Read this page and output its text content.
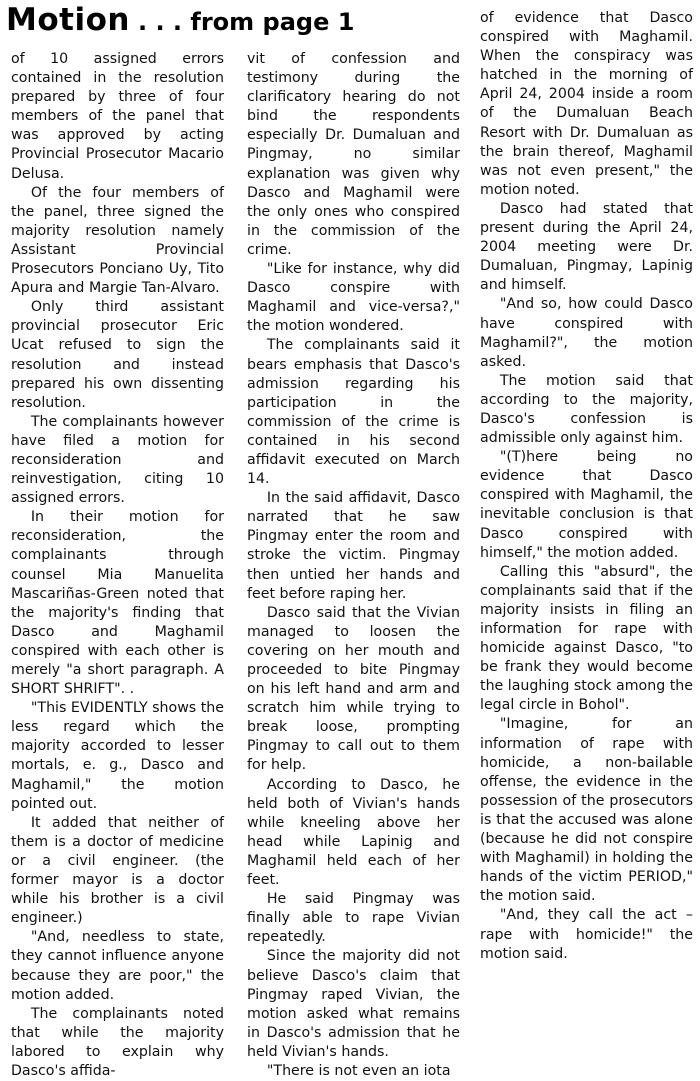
Motion . . . from page 1

of 10 assigned errors contained in the resolution prepared by three of four members of the panel that was approved by acting Provincial Prosecutor Macario Delusa.

Of the four members of the panel, three signed the majority resolution namely Assistant Provincial Prosecutors Ponciano Uy, Tito Apura and Margie Tan-Alvaro.

Only third assistant provincial prosecutor Eric Ucat refused to sign the resolution and instead prepared his own dissenting resolution.

The complainants however have filed a motion for reconsideration and reinvestigation, citing 10 assigned errors.

In their motion for reconsideration, the complainants through counsel Mia Manuelita Mascariñas-Green noted that the majority's finding that Dasco and Maghamil conspired with each other is merely "a short paragraph. A SHORT SHRIFT". .

"This EVIDENTLY shows the less regard which the majority accorded to lesser mortals, e. g., Dasco and Maghamil," the motion pointed out.

It added that neither of them is a doctor of medicine or a civil engineer. (the former mayor is a doctor while his brother is a civil engineer.)

"And, needless to state, they cannot influence anyone because they are poor," the motion added.

The complainants noted that while the majority labored to explain why Dasco's affida-

vit of confession and testimony during the clarificatory hearing do not bind the respondents especially Dr. Dumaluan and Pingmay, no similar explanation was given why Dasco and Maghamil were the only ones who conspired in the commission of the crime.

"Like for instance, why did Dasco conspire with Maghamil and vice-versa?," the motion wondered.

The complainants said it bears emphasis that Dasco's admission regarding his participation in the commission of the crime is contained in his second affidavit executed on March 14.

In the said affidavit, Dasco narrated that he saw Pingmay enter the room and stroke the victim. Pingmay then untied her hands and feet before raping her.

Dasco said that the Vivian managed to loosen the covering on her mouth and proceeded to bite Pingmay on his left hand and arm and scratch him while trying to break loose, prompting Pingmay to call out to them for help.

According to Dasco, he held both of Vivian's hands while kneeling above her head while Lapinig and Maghamil held each of her feet.

He said Pingmay was finally able to rape Vivian repeatedly.

Since the majority did not believe Dasco's claim that Pingmay raped Vivian, the motion asked what remains in Dasco's admission that he held Vivian's hands.

"There is not even an iota

of evidence that Dasco conspired with Maghamil. When the conspiracy was hatched in the morning of April 24, 2004 inside a room of the Dumaluan Beach Resort with Dr. Dumaluan as the brain thereof, Maghamil was not even present," the motion noted.

Dasco had stated that present during the April 24, 2004 meeting were Dr. Dumaluan, Pingmay, Lapinig and himself.

"And so, how could Dasco have conspired with Maghamil?", the motion asked.

The motion said that according to the majority, Dasco's confession is admissible only against him.

"(T)here being no evidence that Dasco conspired with Maghamil, the inevitable conclusion is that Dasco conspired with himself," the motion added.

Calling this "absurd", the complainants said that if the majority insists in filing an information for rape with homicide against Dasco, "to be frank they would become the laughing stock among the legal circle in Bohol".

"Imagine, for an information of rape with homicide, a non-bailable offense, the evidence in the possession of the prosecutors is that the accused was alone (because he did not conspire with Maghamil) in holding the hands of the victim PERIOD," the motion said.

"And, they call the act – rape with homicide!" the motion said.
